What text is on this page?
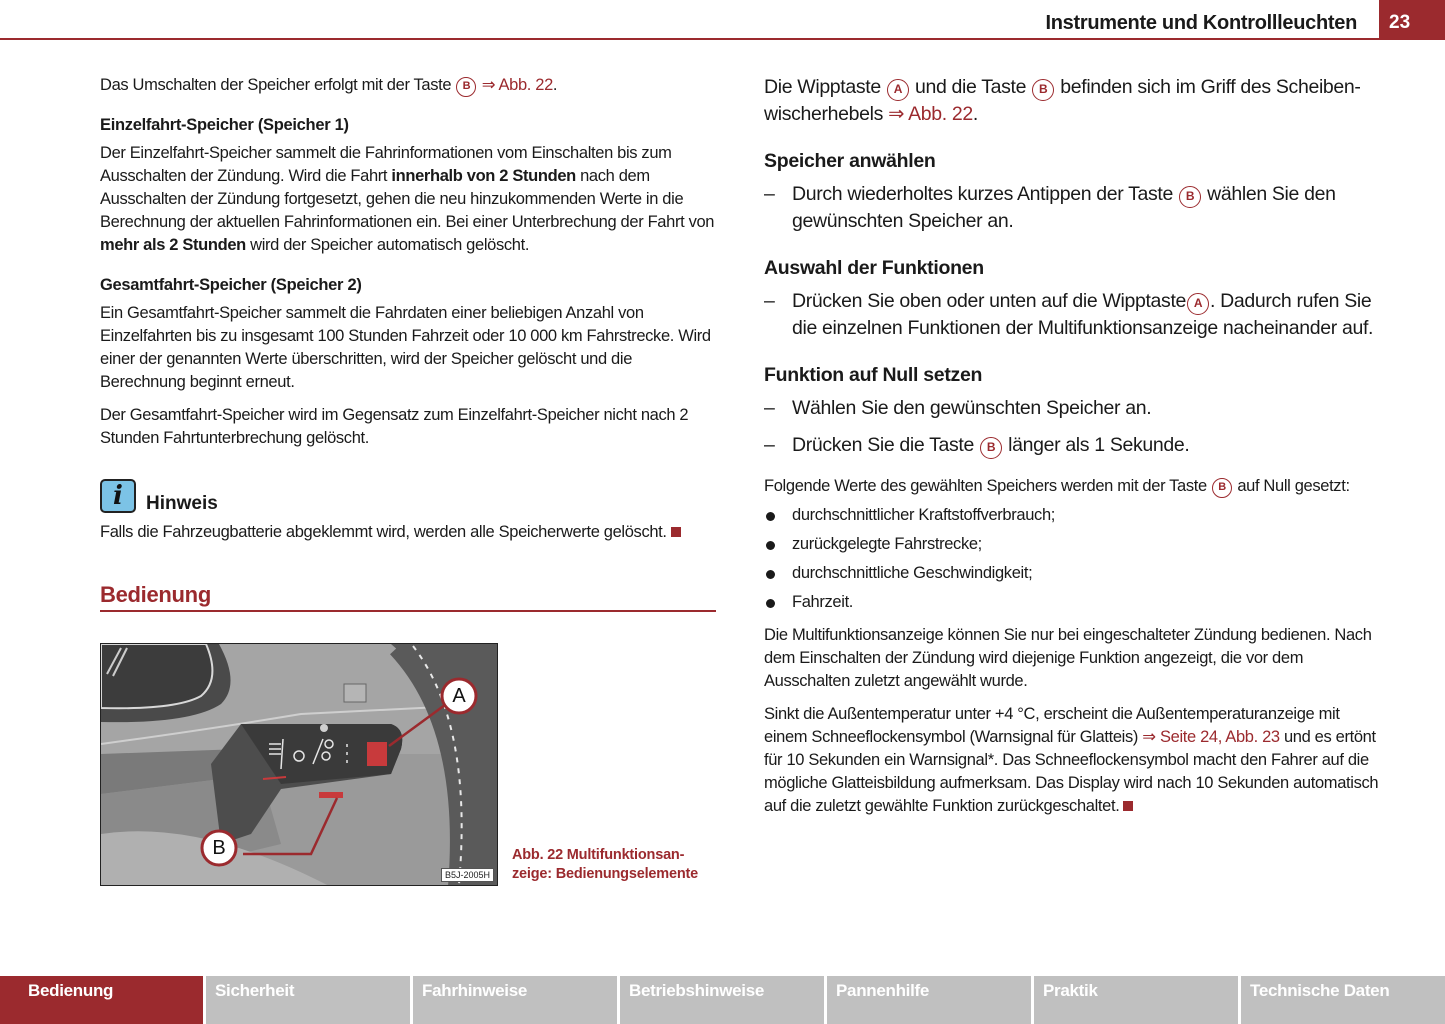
Instrumente und Kontrollleuchten 23

Das Umschalten der Speicher erfolgt mit der Taste B ⇒ Abb. 22.

Einzelfahrt-Speicher (Speicher 1)

Der Einzelfahrt-Speicher sammelt die Fahrinformationen vom Einschalten bis zum Ausschalten der Zündung. Wird die Fahrt innerhalb von 2 Stunden nach dem Ausschalten der Zündung fortgesetzt, gehen die neu hinzukommenden Werte in die Berechnung der aktuellen Fahrinformationen ein. Bei einer Unterbrechung der Fahrt von mehr als 2 Stunden wird der Speicher automatisch gelöscht.

Gesamtfahrt-Speicher (Speicher 2)

Ein Gesamtfahrt-Speicher sammelt die Fahrdaten einer beliebigen Anzahl von Einzelfahrten bis zu insgesamt 100 Stunden Fahrzeit oder 10 000 km Fahrstrecke. Wird einer der genannten Werte überschritten, wird der Speicher gelöscht und die Berechnung beginnt erneut.

Der Gesamtfahrt-Speicher wird im Gegensatz zum Einzelfahrt-Speicher nicht nach 2 Stunden Fahrtunterbrechung gelöscht.

i	Hinweis

Falls die Fahrzeugbatterie abgeklemmt wird, werden alle Speicherwerte gelöscht.

Bedienung
A
B
B5J-2005H
Abb. 22 Multifunktionsan-zeige: Bedienungselemente

Die Wipptaste A und die Taste B befinden sich im Griff des Scheiben-wischerhebels ⇒ Abb. 22.

Speicher anwählen
– Durch wiederholtes kurzes Antippen der Taste B wählen Sie den gewünschten Speicher an.
Auswahl der Funktionen
– Drücken Sie oben oder unten auf die Wipptaste A . Dadurch rufen Sie die einzelnen Funktionen der Multifunktionsanzeige nacheinander auf.
Funktion auf Null setzen
– Wählen Sie den gewünschten Speicher an.
– Drücken Sie die Taste B länger als 1 Sekunde.

Folgende Werte des gewählten Speichers werden mit der Taste B auf Null gesetzt:

durchschnittlicher Kraftstoffverbrauch;
zurückgelegte Fahrstrecke;
durchschnittliche Geschwindigkeit;
Fahrzeit.

Die Multifunktionsanzeige können Sie nur bei eingeschalteter Zündung bedienen. Nach dem Einschalten der Zündung wird diejenige Funktion angezeigt, die vor dem Ausschalten zuletzt angewählt wurde.

Sinkt die Außentemperatur unter +4 °C, erscheint die Außentemperaturanzeige mit einem Schneeflockensymbol (Warnsignal für Glatteis) ⇒ Seite 24, Abb. 23 und es ertönt für 10 Sekunden ein Warnsignal*. Das Schneeflockensymbol macht den Fahrer auf die mögliche Glatteisbildung aufmerksam. Das Display wird nach 10 Sekunden automatisch auf die zuletzt gewählte Funktion zurückgeschaltet.

Bedienung	Sicherheit	Fahrhinweise	Betriebshinweise	Pannenhilfe	Praktik	Technische Daten
